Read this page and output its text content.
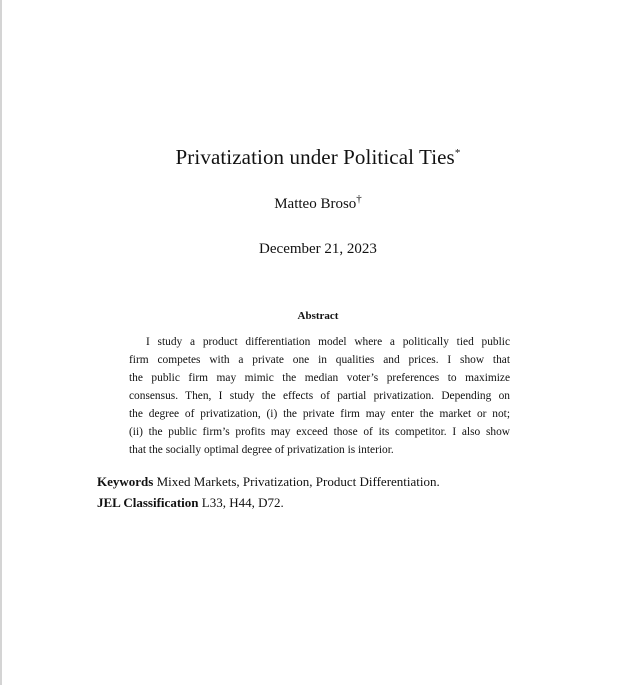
Privatization under Political Ties*
Matteo Broso†
December 21, 2023
Abstract
I study a product differentiation model where a politically tied public
firm competes with a private one in qualities and prices. I show that
the public firm may mimic the median voter’s preferences to maximize
consensus. Then, I study the effects of partial privatization. Depending on
the degree of privatization, (i) the private firm may enter the market or not;
(ii) the public firm’s profits may exceed those of its competitor. I also show
that the socially optimal degree of privatization is interior.
Keywords Mixed Markets, Privatization, Product Differentiation.
JEL Classification L33, H44, D72.
